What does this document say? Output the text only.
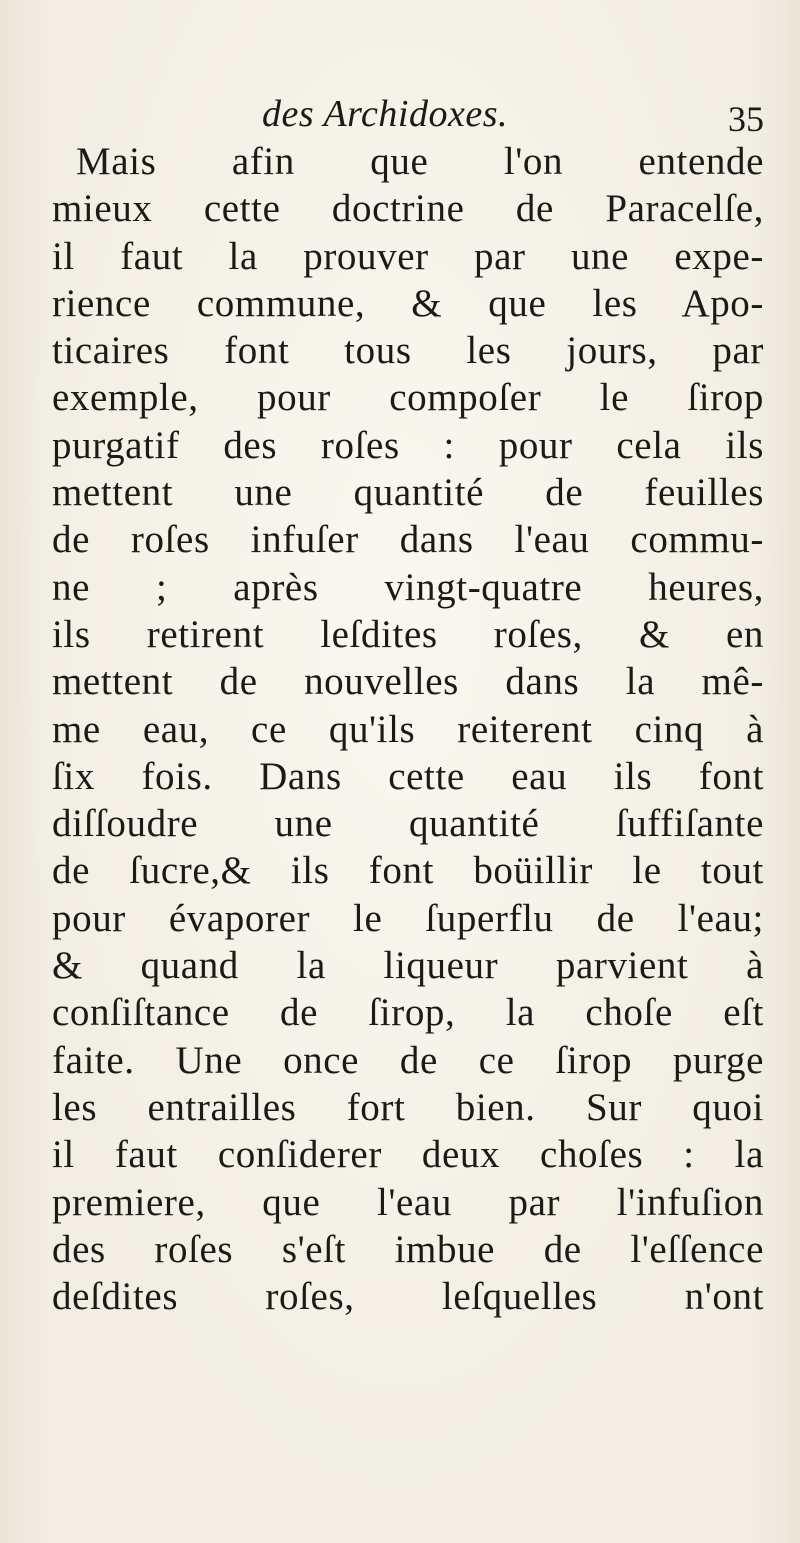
des Archidoxes.	35
Mais afin que l'on entende
mieux cette doctrine de Paracelſe,
il faut la prouver par une expe-
rience commune, & que les Apo-
ticaires font tous les jours, par
exemple, pour compoſer le ſirop
purgatif des roſes : pour cela ils
mettent une quantité de feuilles
de roſes infuſer dans l'eau commu-
ne ; après vingt-quatre heures,
ils retirent leſdites roſes, & en
mettent de nouvelles dans la mê-
me eau, ce qu'ils reiterent cinq à
ſix fois. Dans cette eau ils font
diſſoudre une quantité ſuffiſante
de ſucre,& ils font boüillir le tout
pour évaporer le ſuperflu de l'eau;
& quand la liqueur parvient à
conſiſtance de ſirop, la choſe eſt
faite. Une once de ce ſirop purge
les entrailles fort bien. Sur quoi
il faut conſiderer deux choſes : la
premiere, que l'eau par l'infuſion
des roſes s'eſt imbue de l'eſſence
deſdites roſes, leſquelles n'ont
